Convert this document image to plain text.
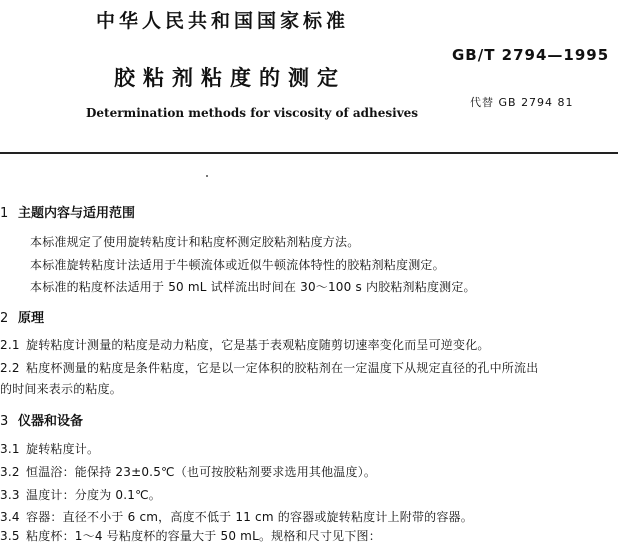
中华人民共和国国家标准
胶粘剂粘度的测定
Determination methods for viscosity of adhesives
GB/T 2794—1995
代替 GB 2794 81
1 主题内容与适用范围
本标准规定了使用旋转粘度计和粘度杯测定胶粘剂粘度方法。
本标准旋转粘度计法适用于牛顿流体或近似牛顿流体特性的胶粘剂粘度测定。
本标准的粘度杯法适用于 50 mL 试样流出时间在 30～100 s 内胶粘剂粘度测定。
2 原理
2.1 旋转粘度计测量的粘度是动力粘度，它是基于表观粘度随剪切速率变化而呈可逆变化。
2.2 粘度杯测量的粘度是条件粘度，它是以一定体积的胶粘剂在一定温度下从规定直径的孔中所流出
的时间来表示的粘度。
3 仪器和设备
3.1 旋转粘度计。
3.2 恒温浴：能保持 23±0.5℃（也可按胶粘剂要求选用其他温度）。
3.3 温度计：分度为 0.1℃。
3.4 容器：直径不小于 6 cm，高度不低于 11 cm 的容器或旋转粘度计上附带的容器。
3.5 粘度杯：1～4 号粘度杯的容量大于 50 mL。规格和尺寸见下图：
